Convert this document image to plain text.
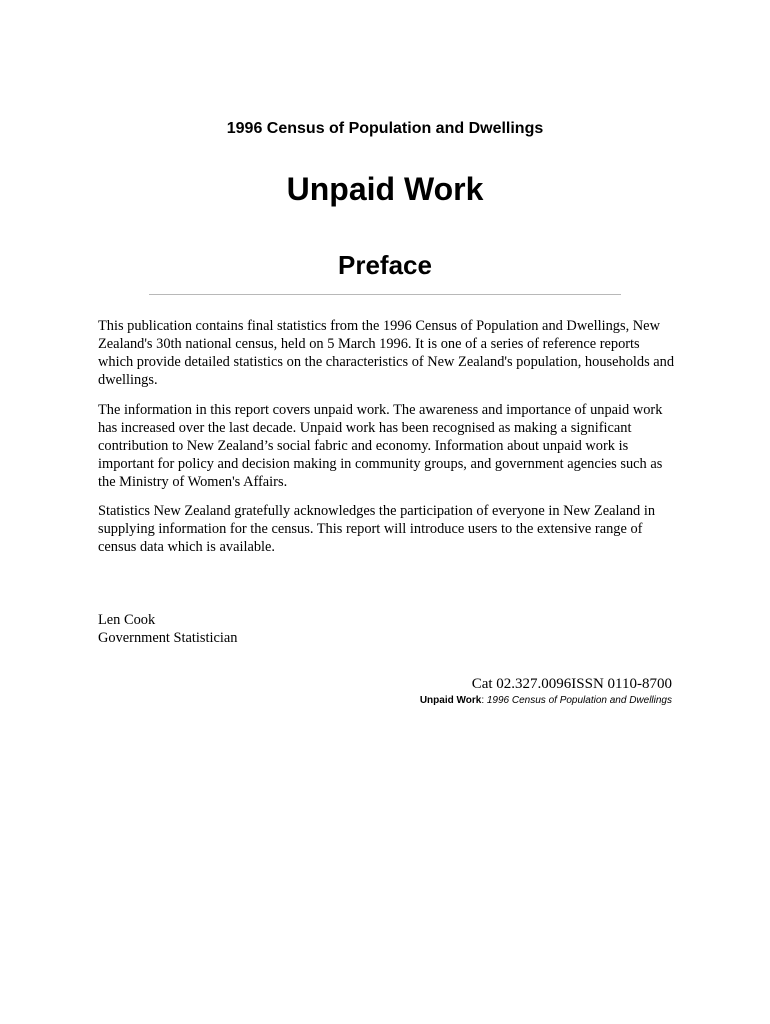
1996 Census of Population and Dwellings
Unpaid Work
Preface

This publication contains final statistics from the 1996 Census of Population and Dwellings, New Zealand's 30th national census, held on 5 March 1996. It is one of a series of reference reports which provide detailed statistics on the characteristics of New Zealand's population, households and dwellings.

The information in this report covers unpaid work. The awareness and importance of unpaid work has increased over the last decade. Unpaid work has been recognised as making a significant contribution to New Zealand’s social fabric and economy. Information about unpaid work is important for policy and decision making in community groups, and government agencies such as the Ministry of Women's Affairs.

Statistics New Zealand gratefully acknowledges the participation of everyone in New Zealand in supplying information for the census. This report will introduce users to the extensive range of census data which is available.

Len Cook
Government Statistician
Cat 02.327.0096ISSN 0110-8700
Unpaid Work: 1996 Census of Population and Dwellings
